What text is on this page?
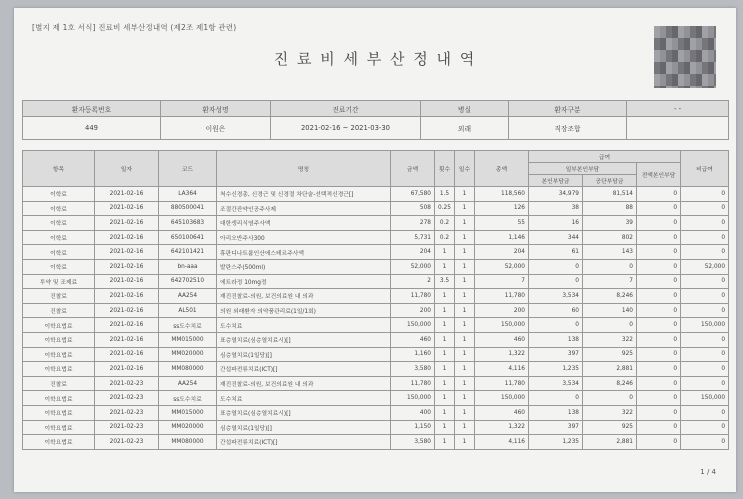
[별지 제 1호 서식] 진료비 세부산정내역 (제2조 제1항 관련)
진 료 비 세 부 산 정 내 역
환자등록번호	환자성명	진료기간	병실	환자구분	- -
449	이원은	2021-02-16 ~ 2021-03-30	외래	직장조합	
항목	일자	코드	명칭	금액	횟수	일수	총액	급여			비급여
								일부본인부담		전액본인부담	
								본인부담금	공단부담금		
이학료	2021-02-16	LA364	척수신경총, 신경근 및 신경절 차단술-선택적신경근[]	67,580	1.5	1	118,560	34,979	81,514	0	0
이학료	2021-02-16	880500041	조절간잔약인공주사제	508	0.25	1	126	38	88	0	0
이학료	2021-02-16	645103683	대한생리식염주사액	278	0.2	1	55	16	39	0	0
이학료	2021-02-16	650100641	아리오반주사300	5,731	0.2	1	1,146	344	802	0	0
이학료	2021-02-16	642101421	휴판디나트륨인산에스테르주사액	204	1	1	204	61	143	0	0
이학료	2021-02-16	bn-aaa	발란스주(500ml)	52,000	1	1	52,000	0	0	0	52,000
투약 및 조제료	2021-02-16	642702510	에트라정 10mg정	2	3.5	1	7	0	7	0	0
진찰료	2021-02-16	AA254	재진진찰료-의원, 보건의료원 내 의과	11,780	1	1	11,780	3,534	8,246	0	0
진찰료	2021-02-16	AL501	의원 외래환자 의약품관리료(1일/1회)	200	1	1	200	60	140	0	0
이학요법료	2021-02-16	ss도수치료	도수치료	150,000	1	1	150,000	0	0	0	150,000
이학요법료	2021-02-16	MM015000	표층열치료(심층열치료시)[]	460	1	1	460	138	322	0	0
이학요법료	2021-02-16	MM020000	심층열치료(1일당)[]	1,160	1	1	1,322	397	925	0	0
이학요법료	2021-02-16	MM080000	간섭파전류치료(ICT)[]	3,580	1	1	4,116	1,235	2,881	0	0
진찰료	2021-02-23	AA254	재진진찰료-의원, 보건의료원 내 의과	11,780	1	1	11,780	3,534	8,246	0	0
이학요법료	2021-02-23	ss도수치료	도수치료	150,000	1	1	150,000	0	0	0	150,000
이학요법료	2021-02-23	MM015000	표층열치료(심층열치료시)[]	400	1	1	460	138	322	0	0
이학요법료	2021-02-23	MM020000	심층열치료(1일당)[]	1,150	1	1	1,322	397	925	0	0
이학요법료	2021-02-23	MM080000	간섭파전류치료(ICT)[]	3,580	1	1	4,116	1,235	2,881	0	0
1 / 4
